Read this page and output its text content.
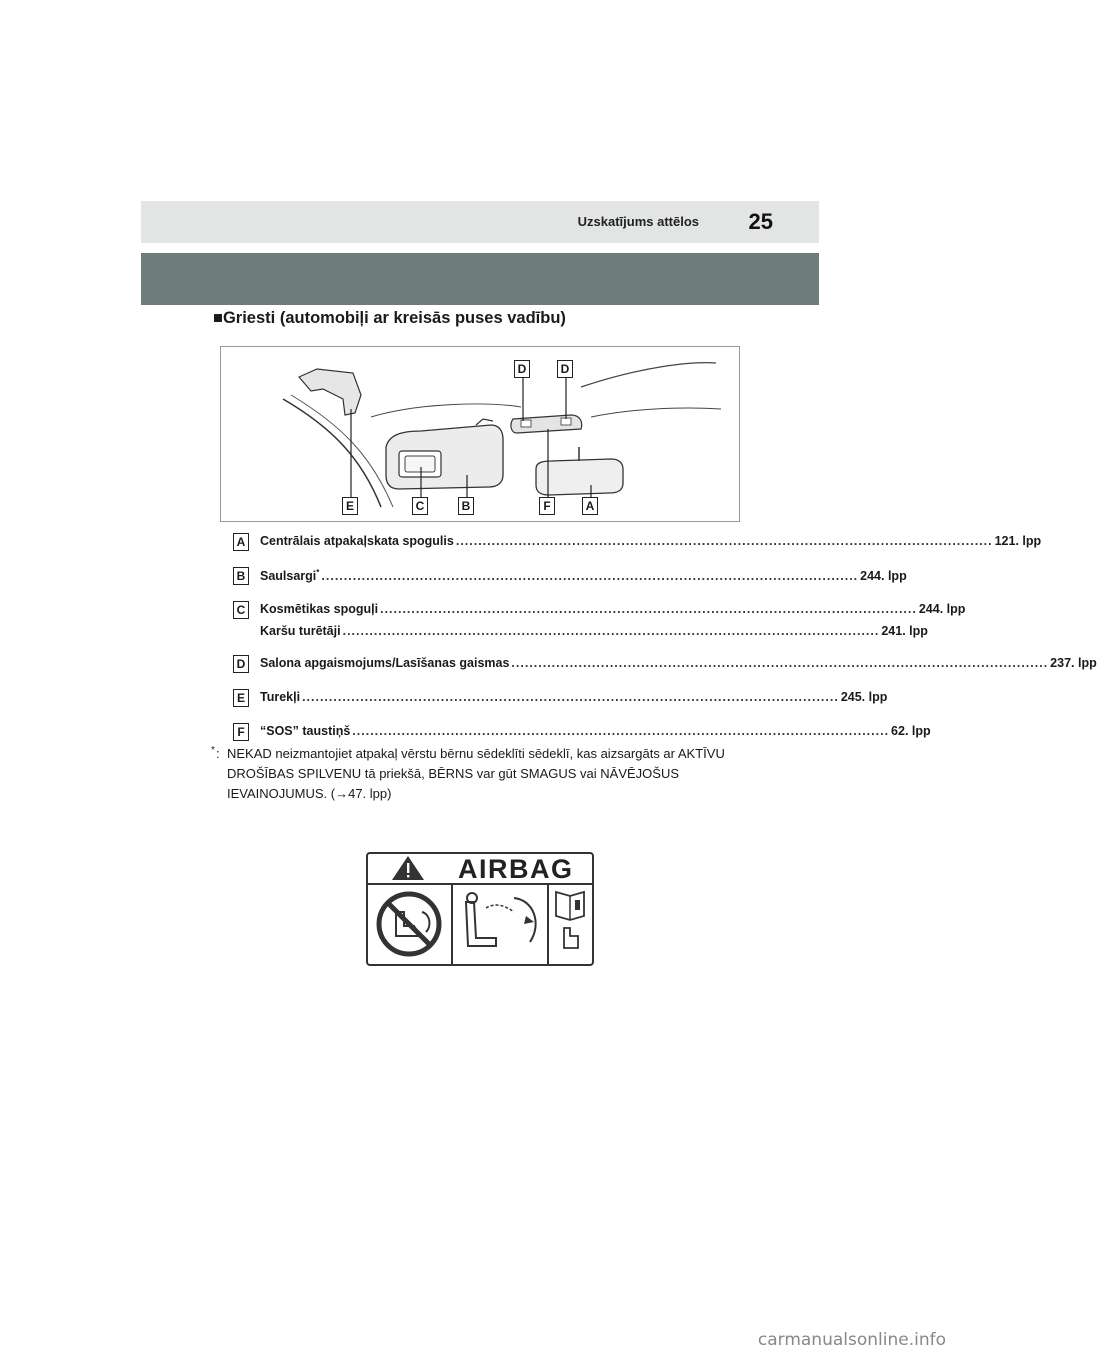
Uzskatījums attēlos 25
■Griesti (automobiļi ar kreisās puses vadību)
D	D
E	C	B	F	A
A Centrālais atpakaļskata spogulis ........................................................................................................................ 121. lpp
B Saulsargi* ........................................................................................................................ 244. lpp
C Kosmētikas spoguļi ........................................................................................................................ 244. lpp
Karšu turētāji ........................................................................................................................ 241. lpp
D Salona apgaismojums/Lasīšanas gaismas ........................................................................................................................ 237. lpp
E	Turekļi ........................................................................................................................ 245. lpp
F	“SOS” taustiņš ........................................................................................................................ 62. lpp
* : NEKAD neizmantojiet atpakaļ vērstu bērnu sēdeklīti sēdeklī, kas aizsargāts ar AKTĪVU DROŠĪBAS SPILVENU tā priekšā, BĒRNS var gūt SMAGUS vai NĀVĒJOŠUS IEVAINOJUMUS. (→47. lpp)
AIRBAG
carmanualsonline.info
